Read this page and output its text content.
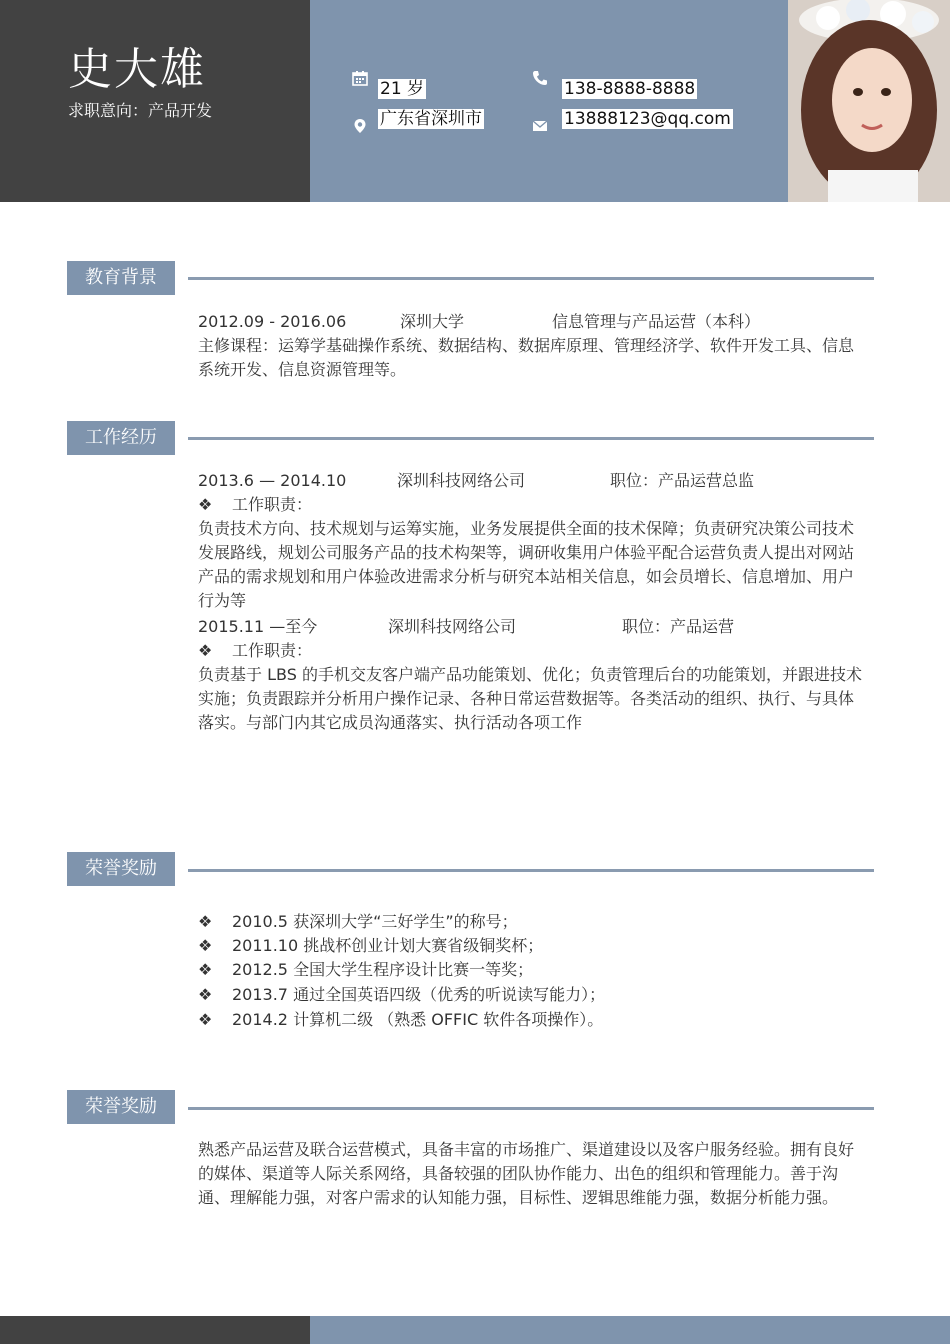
史大雄
求职意向：产品开发
21 岁
广东省深圳市
138-8888-8888
13888123@qq.com
教育背景
2012.09 - 2016.06	深圳大学	信息管理与产品运营（本科）
主修课程：运筹学基础操作系统、数据结构、数据库原理、管理经济学、软件开发工具、信息系统开发、信息资源管理等。
工作经历
2013.6 — 2014.10	深圳科技网络公司	职位：产品运营总监
❖ 工作职责：
负责技术方向、技术规划与运筹实施，业务发展提供全面的技术保障；负责研究决策公司技术发展路线，规划公司服务产品的技术构架等，调研收集用户体验平配合运营负责人提出对网站产品的需求规划和用户体验改进需求分析与研究本站相关信息，如会员增长、信息增加、用户行为等
2015.11 —至今	深圳科技网络公司	职位：产品运营
❖ 工作职责：
负责基于 LBS 的手机交友客户端产品功能策划、优化；负责管理后台的功能策划，并跟进技术实施；负责跟踪并分析用户操作记录、各种日常运营数据等。各类活动的组织、执行、与具体落实。与部门内其它成员沟通落实、执行活动各项工作
荣誉奖励
❖ 2010.5 获深圳大学“三好学生”的称号；
❖ 2011.10 挑战杯创业计划大赛省级铜奖杯；
❖ 2012.5 全国大学生程序设计比赛一等奖；
❖ 2013.7 通过全国英语四级（优秀的听说读写能力）；
❖ 2014.2 计算机二级 （熟悉 OFFIC 软件各项操作）。
荣誉奖励
熟悉产品运营及联合运营模式，具备丰富的市场推广、渠道建设以及客户服务经验。拥有良好的媒体、渠道等人际关系网络，具备较强的团队协作能力、出色的组织和管理能力。善于沟通、理解能力强，对客户需求的认知能力强，目标性、逻辑思维能力强，数据分析能力强。
